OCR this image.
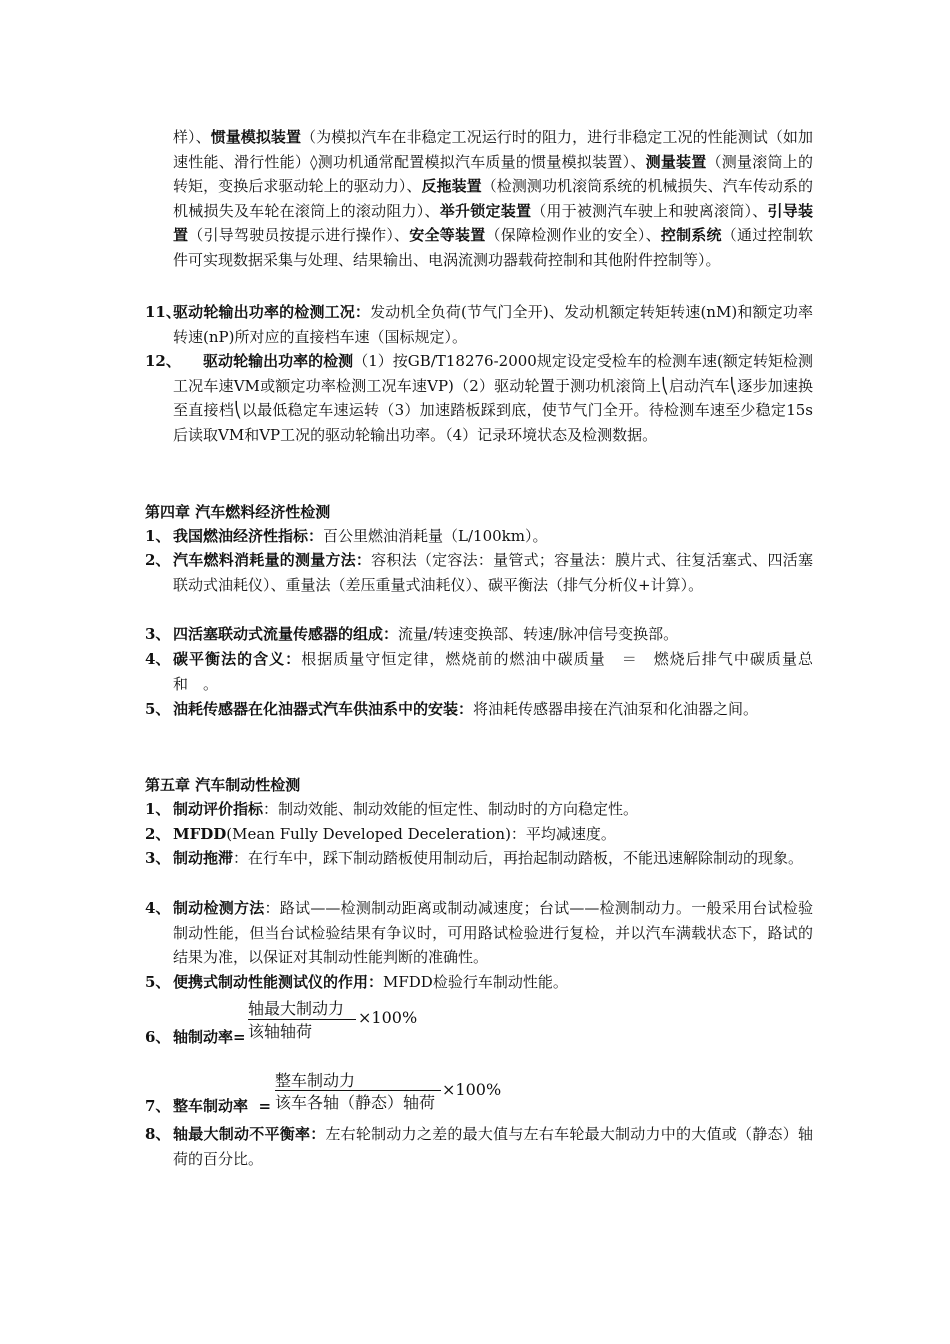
样）、惯量模拟装置（为模拟汽车在非稳定工况运行时的阻力，进行非稳定工况的性能测试（如加速性能、滑行性能）◊测功机通常配置模拟汽车质量的惯量模拟装置）、测量装置（测量滚筒上的转矩，变换后求驱动轮上的驱动力）、反拖装置（检测测功机滚筒系统的机械损失、汽车传动系的机械损失及车轮在滚筒上的滚动阻力）、举升锁定装置（用于被测汽车驶上和驶离滚筒）、引导装置（引导驾驶员按提示进行操作）、安全等装置（保障检测作业的安全）、控制系统（通过控制软件可实现数据采集与处理、结果输出、电涡流测功器载荷控制和其他附件控制等）。
11、
驱动轮输出功率的检测工况：发动机全负荷(节气门全开)、发动机额定转矩转速(nM)和额定功率转速(nP)所对应的直接档车速（国标规定）。
12、
　　驱动轮输出功率的检测（1）按GB/T18276-2000规定设定受检车的检测车速(额定转矩检测工况车速VM或额定功率检测工况车速VP)（2）驱动轮置于测功机滚筒上⎝启动汽车⎝逐步加速换至直接档⎝以最低稳定车速运转（3）加速踏板踩到底，使节气门全开。待检测车速至少稳定15s后读取VM和VP工况的驱动轮输出功率。（4）记录环境状态及检测数据。
第四章 汽车燃料经济性检测
1、 我国燃油经济性指标：百公里燃油消耗量（L/100km）。
2、 汽车燃料消耗量的测量方法：容积法（定容法：量管式；容量法：膜片式、往复活塞式、四活塞联动式油耗仪）、重量法（差压重量式油耗仪）、碳平衡法（排气分析仪+计算）。
3、 四活塞联动式流量传感器的组成：流量/转速变换部、转速/脉冲信号变换部。
4、 碳平衡法的含义：根据质量守恒定律，燃烧前的燃油中碳质量　＝　燃烧后排气中碳质量总和　。
5、 油耗传感器在化油器式汽车供油系中的安装：将油耗传感器串接在汽油泵和化油器之间。
第五章 汽车制动性检测
1、 制动评价指标：制动效能、制动效能的恒定性、制动时的方向稳定性。
2、 MFDD(Mean Fully Developed Deceleration)：平均减速度。
3、 制动拖滞：在行车中，踩下制动踏板使用制动后，再抬起制动踏板，不能迅速解除制动的现象。
4、 制动检测方法：路试——检测制动距离或制动减速度；台试——检测制动力。一般采用台试检验制动性能，但当台试检验结果有争议时，可用路试检验进行复检，并以汽车满载状态下，路试的结果为准，以保证对其制动性能判断的准确性。
5、 便携式制动性能测试仪的作用：MFDD检验行车制动性能。
6、 轴制动率=
轴最大制动力
该轴轴荷
×100%
7、 整车制动率  =
整车制动力
该车各轴（静态）轴荷
×100%
8、 轴最大制动不平衡率：左右轮制动力之差的最大值与左右车轮最大制动力中的大值或（静态）轴荷的百分比。
